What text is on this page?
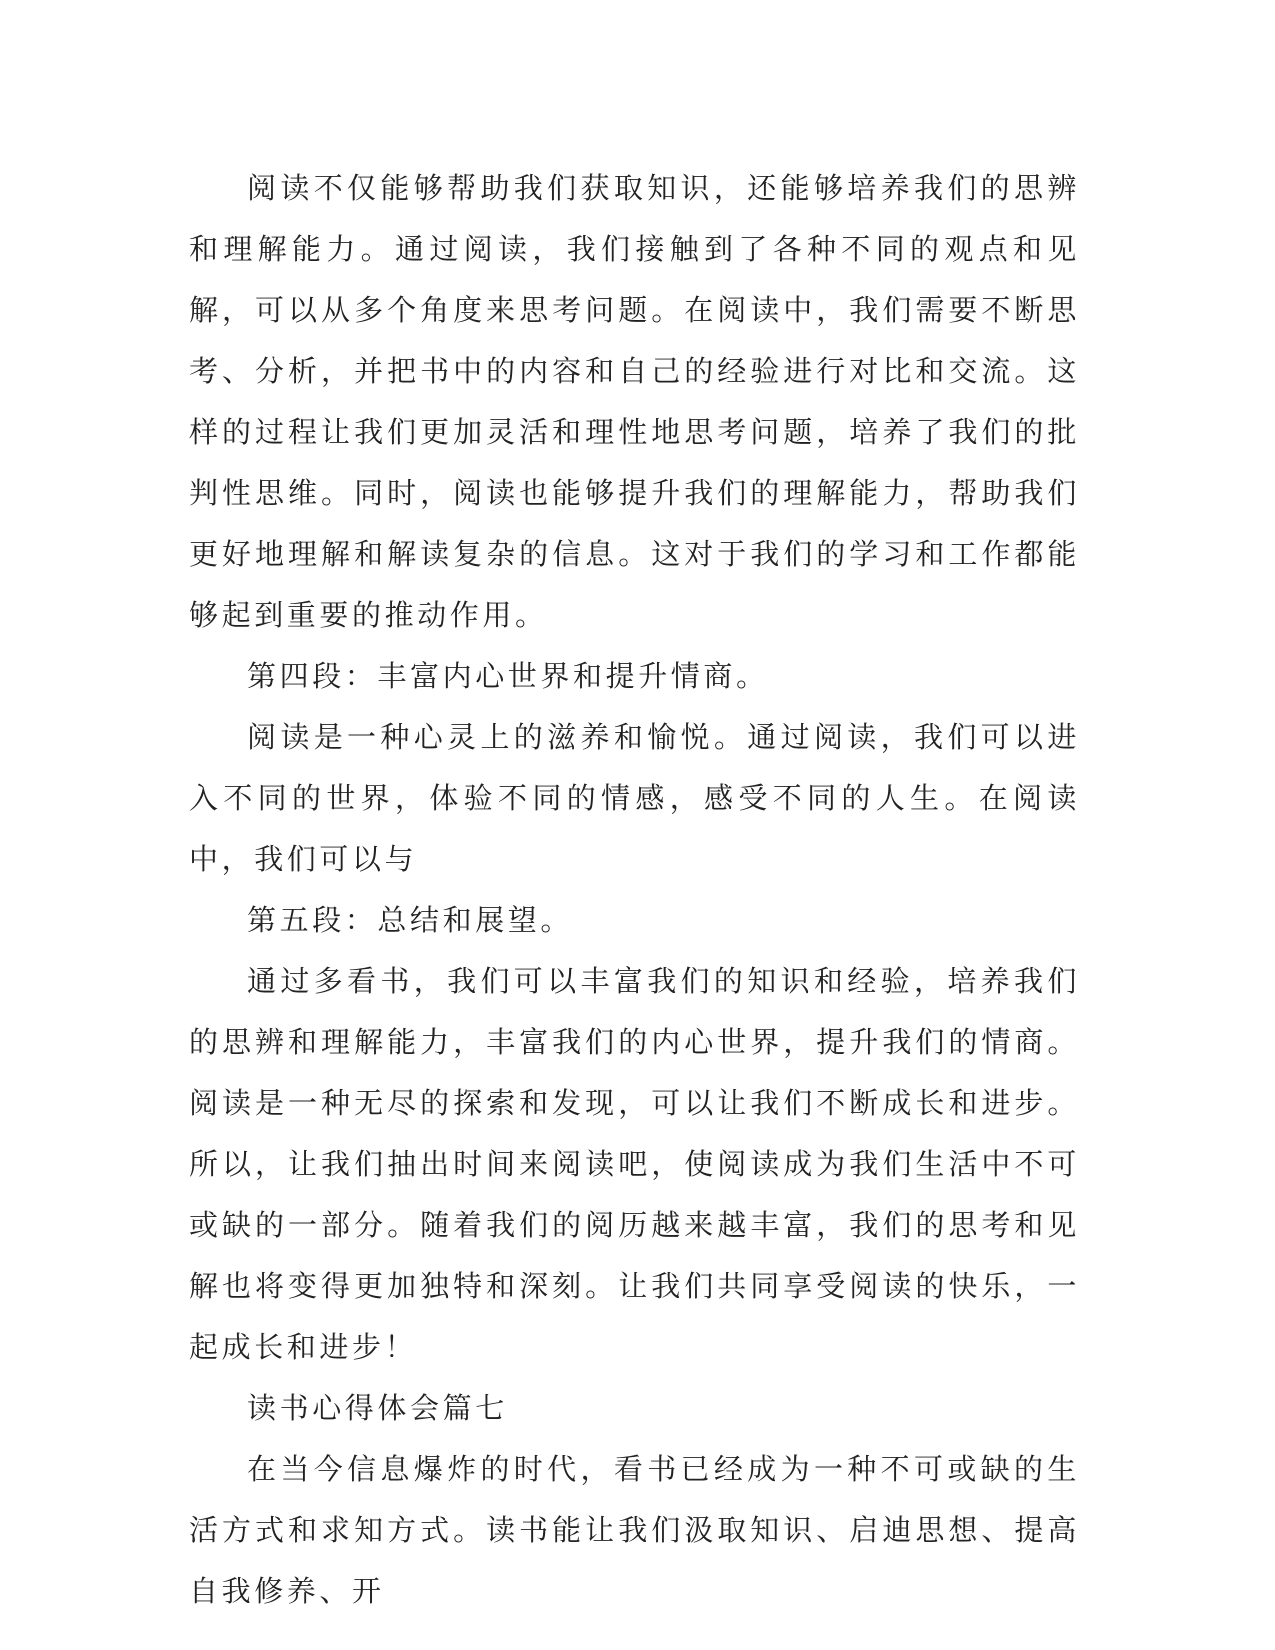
阅读不仅能够帮助我们获取知识，还能够培养我们的思辨和理解能力。通过阅读，我们接触到了各种不同的观点和见解，可以从多个角度来思考问题。在阅读中，我们需要不断思考、分析，并把书中的内容和自己的经验进行对比和交流。这样的过程让我们更加灵活和理性地思考问题，培养了我们的批判性思维。同时，阅读也能够提升我们的理解能力，帮助我们更好地理解和解读复杂的信息。这对于我们的学习和工作都能够起到重要的推动作用。

第四段：丰富内心世界和提升情商。

阅读是一种心灵上的滋养和愉悦。通过阅读，我们可以进入不同的世界，体验不同的情感，感受不同的人生。在阅读中，我们可以与

第五段：总结和展望。

通过多看书，我们可以丰富我们的知识和经验，培养我们的思辨和理解能力，丰富我们的内心世界，提升我们的情商。阅读是一种无尽的探索和发现，可以让我们不断成长和进步。所以，让我们抽出时间来阅读吧，使阅读成为我们生活中不可或缺的一部分。随着我们的阅历越来越丰富，我们的思考和见解也将变得更加独特和深刻。让我们共同享受阅读的快乐，一起成长和进步！

读书心得体会篇七

在当今信息爆炸的时代，看书已经成为一种不可或缺的生活方式和求知方式。读书能让我们汲取知识、启迪思想、提高自我修养、开
